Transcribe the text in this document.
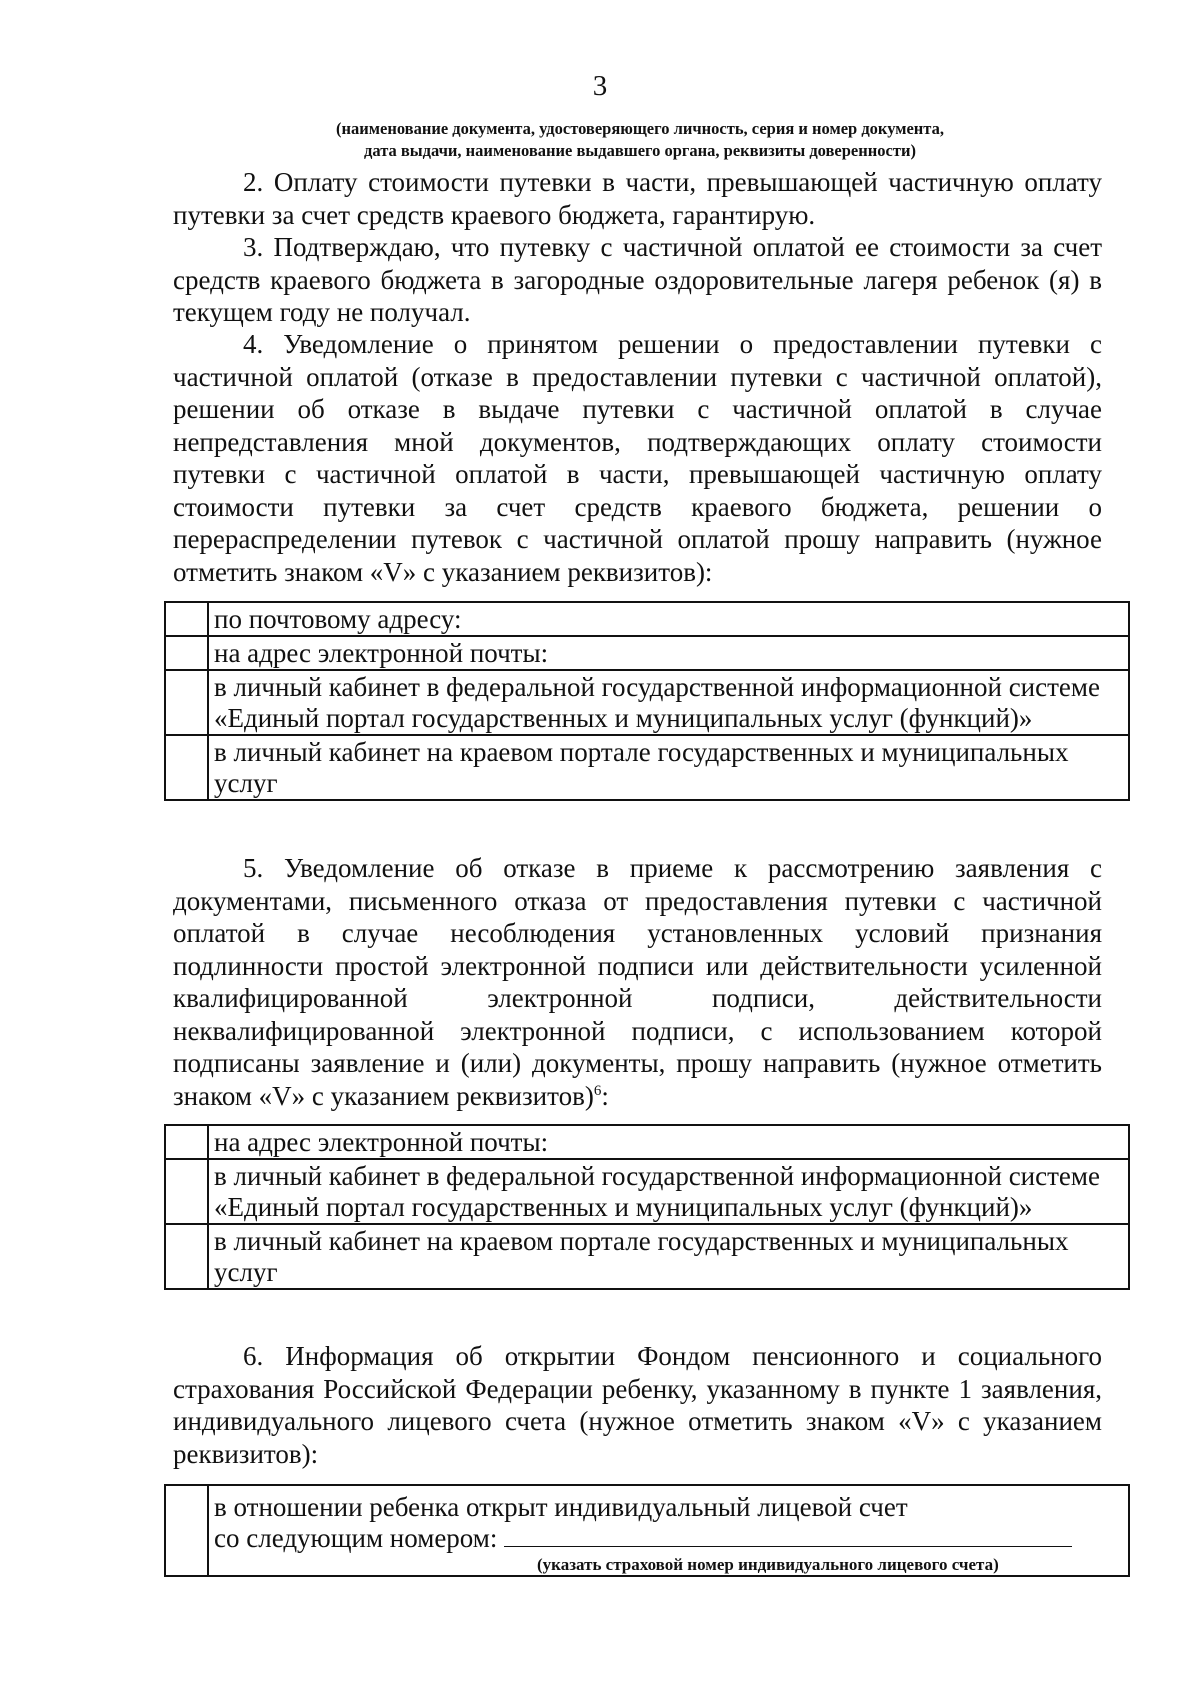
3
(наименование документа, удостоверяющего личность, серия и номер документа,
дата выдачи, наименование выдавшего органа, реквизиты доверенности)

2. Оплату стоимости путевки в части, превышающей частичную оплату путевки за счет средств краевого бюджета, гарантирую.

3. Подтверждаю, что путевку с частичной оплатой ее стоимости за счет средств краевого бюджета в загородные оздоровительные лагеря ребенок (я) в текущем году не получал.

4. Уведомление о принятом решении о предоставлении путевки с частичной оплатой (отказе в предоставлении путевки с частичной оплатой), решении об отказе в выдаче путевки с частичной оплатой в случае непредставления мной документов, подтверждающих оплату стоимости путевки с частичной оплатой в части, превышающей частичную оплату стоимости путевки за счет средств краевого бюджета, решении о перераспределении путевок с частичной оплатой прошу направить (нужное отметить знаком «V» с указанием реквизитов):

	по почтовому адресу:
	на адрес электронной почты:
	в личный кабинет в федеральной государственной информационной системе «Единый портал государственных и муниципальных услуг (функций)»
	в личный кабинет на краевом портале государственных и муниципальных услуг

5. Уведомление об отказе в приеме к рассмотрению заявления с документами, письменного отказа от предоставления путевки с частичной оплатой в случае несоблюдения установленных условий признания подлинности простой электронной подписи или действительности усиленной квалифицированной электронной подписи, действительности неквалифицированной электронной подписи, с использованием которой подписаны заявление и (или) документы, прошу направить (нужное отметить знаком «V» с указанием реквизитов)$^6$:

	на адрес электронной почты:
	в личный кабинет в федеральной государственной информационной системе «Единый портал государственных и муниципальных услуг (функций)»
	в личный кабинет на краевом портале государственных и муниципальных услуг

6. Информация об открытии Фондом пенсионного и социального страхования Российской Федерации ребенку, указанному в пункте 1 заявления, индивидуального лицевого счета (нужное отметить знаком «V» с указанием реквизитов):

в отношении ребенка открыт индивидуальный лицевой счет
со следующим номером:
(указать страховой номер индивидуального лицевого счета)
